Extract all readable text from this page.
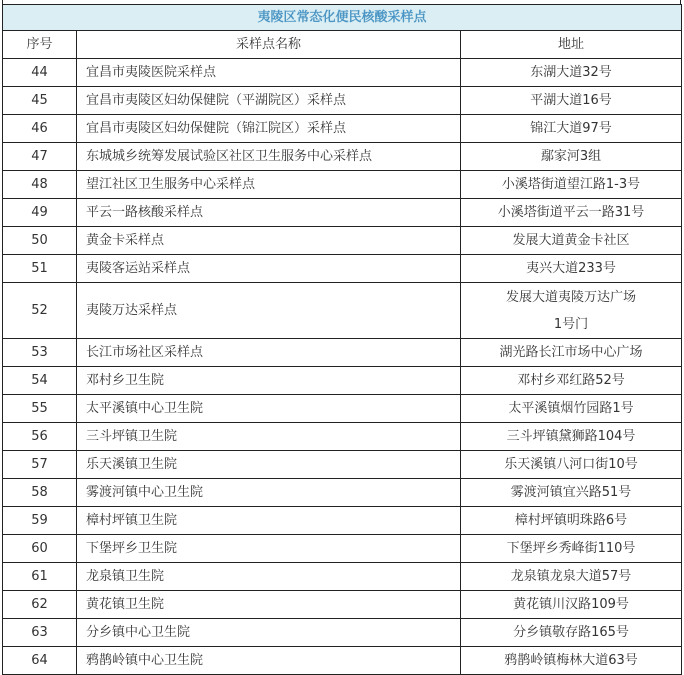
夷陵区常态化便民核酸采样点		
序号	采样点名称	地址
44	宜昌市夷陵医院采样点	东湖大道32号

45	宜昌市夷陵区妇幼保健院（平湖院区）采样点	平湖大道16号

46	宜昌市夷陵区妇幼保健院（锦江院区）采样点	锦江大道97号

47	东城城乡统筹发展试验区社区卫生服务中心采样点	鄢家河3组

48	望江社区卫生服务中心采样点	小溪塔街道望江路1-3号

49	平云一路核酸采样点	小溪塔街道平云一路31号

50	黄金卡采样点	发展大道黄金卡社区

51	夷陵客运站采样点	夷兴大道233号

52	夷陵万达采样点	发展大道夷陵万达广场
1号门

53	长江市场社区采样点	湖光路长江市场中心广场

54	邓村乡卫生院	邓村乡邓红路52号

55	太平溪镇中心卫生院	太平溪镇烟竹园路1号

56	三斗坪镇卫生院	三斗坪镇黛狮路104号

57	乐天溪镇卫生院	乐天溪镇八河口街10号

58	雾渡河镇中心卫生院	雾渡河镇宜兴路51号

59	樟村坪镇卫生院	樟村坪镇明珠路6号

60	下堡坪乡卫生院	下堡坪乡秀峰街110号

61	龙泉镇卫生院	龙泉镇龙泉大道57号

62	黄花镇卫生院	黄花镇川汉路109号

63	分乡镇中心卫生院	分乡镇敬存路165号

64	鸦鹊岭镇中心卫生院	鸦鹊岭镇梅林大道63号
